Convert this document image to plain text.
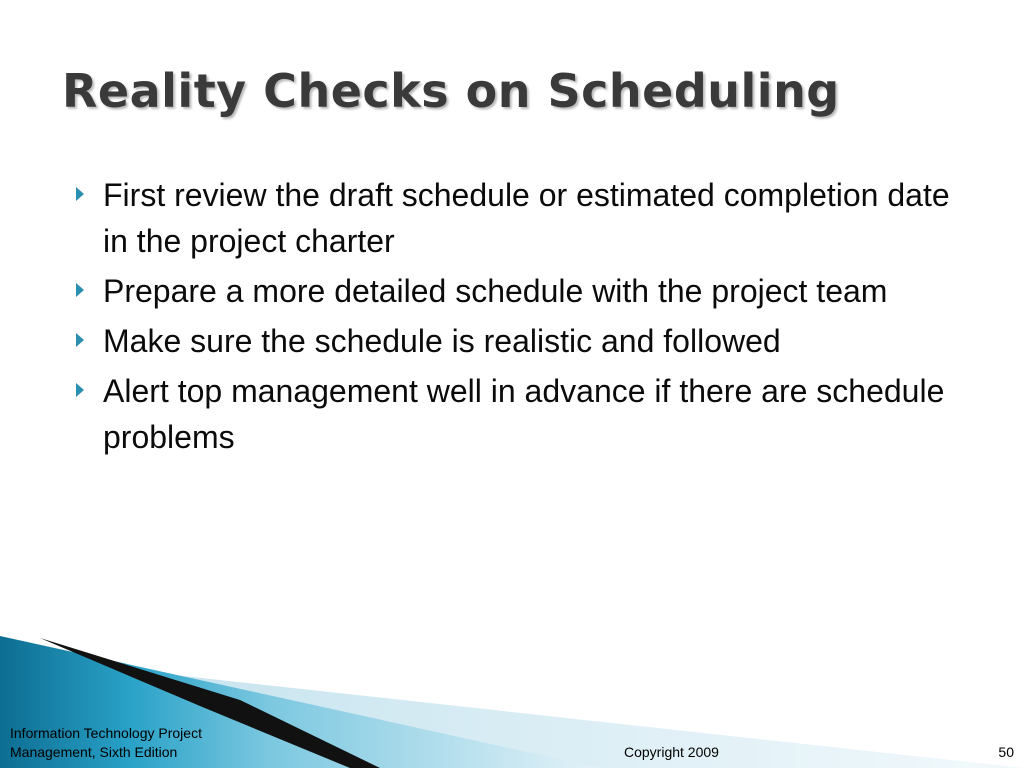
Reality Checks on Scheduling
First review the draft schedule or estimated completion date in the project charter
Prepare a more detailed schedule with the project team
Make sure the schedule is realistic and followed
Alert top management well in advance if there are schedule problems
Information Technology Project
Management, Sixth Edition	Copyright 2009	50
